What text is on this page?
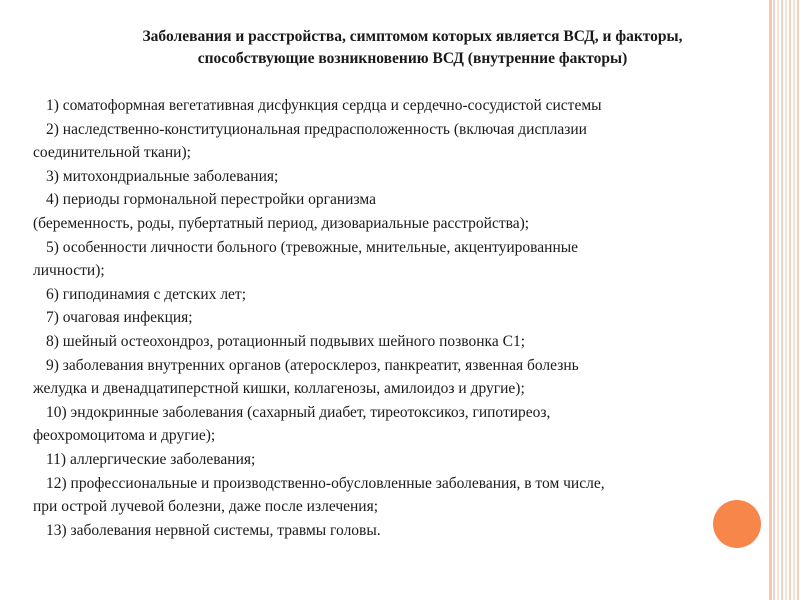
Заболевания и расстройства, симптомом которых является ВСД, и факторы,
способствующие возникновению ВСД (внутренние факторы)
1) соматоформная вегетативная дисфункция сердца и сердечно-сосудистой системы
2) наследственно-конституциональная предрасположенность (включая дисплазии
соединительной ткани);
3) митохондриальные заболевания;
4) периоды гормональной перестройки организма
(беременность, роды, пубертатный период, дизовариальные расстройства);
5) особенности личности больного (тревожные, мнительные, акцентуированные
личности);
6) гиподинамия с детских лет;
7) очаговая инфекция;
8) шейный остеохондроз, ротационный подвывих шейного позвонка С1;
9) заболевания внутренних органов (атеросклероз, панкреатит, язвенная болезнь
желудка и двенадцатиперстной кишки, коллагенозы, амилоидоз и другие);
10) эндокринные заболевания (сахарный диабет, тиреотоксикоз, гипотиреоз,
феохромоцитома и другие);
11) аллергические заболевания;
12) профессиональные и производственно-обусловленные заболевания, в том числе,
при острой лучевой болезни, даже после излечения;
13) заболевания нервной системы, травмы головы.
